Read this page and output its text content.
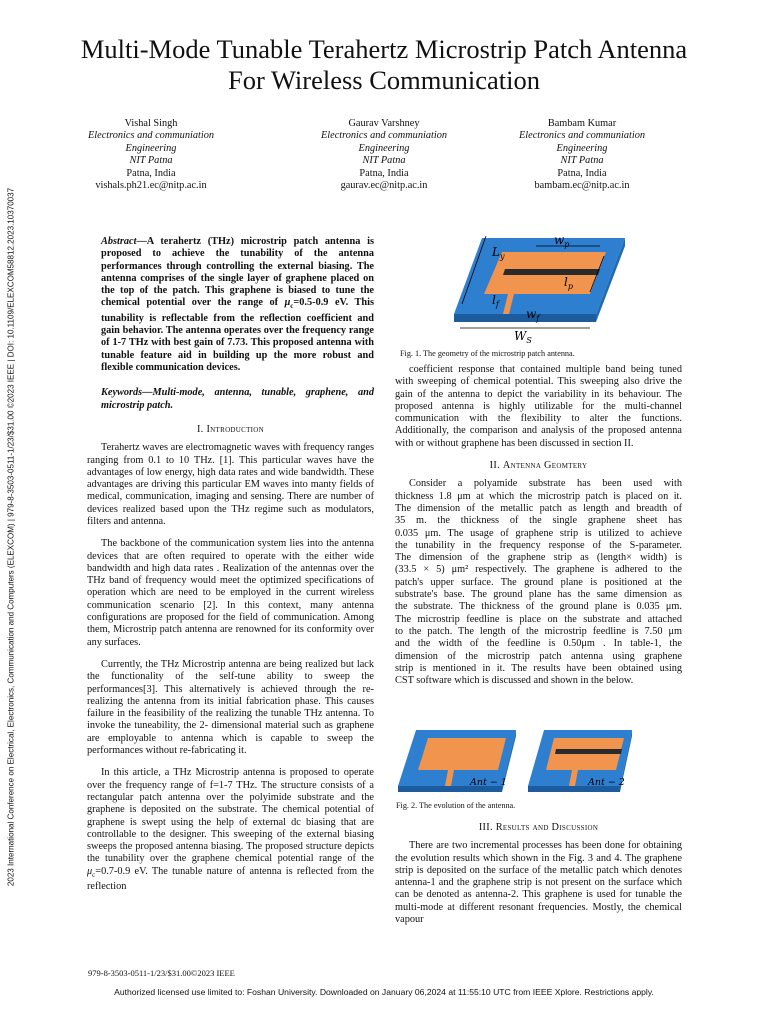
2023 International Conference on Electrical, Electronics, Communication and Computers (ELEXCOM) | 979-8-3503-0511-1/23/$31.00 ©2023 IEEE | DOI: 10.1109/ELEXCOM58812.2023.10370037
Multi-Mode Tunable Terahertz Microstrip Patch Antenna For Wireless Communication
Vishal Singh
Electronics and communiation
Engineering
NIT Patna
Patna, India
vishals.ph21.ec@nitp.ac.in
Gaurav Varshney
Electronics and communiation
Engineering
NIT Patna
Patna, India
gaurav.ec@nitp.ac.in
Bambam Kumar
Electronics and communiation
Engineering
NIT Patna
Patna, India
bambam.ec@nitp.ac.in
Abstract—A terahertz (THz) microstrip patch antenna is proposed to achieve the tunability of the antenna performances through controlling the external biasing. The antenna comprises of the single layer of graphene placed on the top of the patch. This graphene is biased to tune the chemical potential over the range of $\mu_c=0.5-0.9$ eV. This tunability is reflectable from the reflection coefficient and gain behavior. The antenna operates over the frequency range of 1-7 THz with best gain of 7.73. This proposed antenna with tunable feature aid in building up the more robust and flexible communication devices.
Keywords—Multi-mode, antenna, tunable, graphene, and microstrip patch.
I. Introduction

Terahertz waves are electromagnetic waves with frequency ranges ranging from 0.1 to 10 THz. [1]. This particular waves have the advantages of low energy, high data rates and wide bandwidth. These advantages are driving this particular EM waves into manty fields of medical, communication, imaging and sensing. There are number of devices realized based upon the THz regime such as modulators, filters and antenna.

The backbone of the communication system lies into the antenna devices that are often required to operate with the either wide bandwidth and high data rates . Realization of the antennas over the THz band of frequency would meet the optimized specifications of operation which are need to be employed in the current wireless communication scenario [2]. In this context, many antenna configurations are proposed for the field of communication. Among them, Microstrip patch antenna are renowned for its conformity over any surfaces.

Currently, the THz Microstrip antenna are being realized but lack the functionality of the self-tune ability to sweep the performances[3]. This alternatively is achieved through the re-realizing the antenna from its initial fabrication phase. This causes failure in the feasibility of the realizing the tunable THz antenna. To invoke the tuneability, the 2- dimensional material such as graphene are employable to antenna which is capable to sweep the performances without re-fabricating it.

In this article, a THz Microstrip antenna is proposed to operate over the frequency range of f=1-7 THz. The structure consists of a rectangular patch antenna over the polyimide substrate and the graphene is deposited on the substrate. The chemical potential of graphene is swept using the help of external dc biasing that are controllable to the designer. This sweeping of the external biasing sweeps the proposed antenna biasing. The proposed structure depicts the tunability over the graphene chemical potential range of the $\mu_c=0.7-0.9$ eV. The tunable nature of antenna is reflected from the reflection

$L_y$
$w_p$
$l_p$
$l_f$
$w_f$
$W_S$
Fig. 1. The geometry of the microstrip patch antenna.

coefficient response that contained multiple band being tuned with sweeping of chemical potential. This sweeping also drive the gain of the antenna to depict the variability in its behaviour. The proposed antenna is highly utilizable for the multi-channel communication with the flexibility to alter the functions. Additionally, the comparison and analysis of the proposed antenna with or without graphene has been discussed in section II.

II. Antenna Geomtery
Consider a polyamide substrate has been used with
thickness 1.8 μm at which the microstrip patch is placed on it.
The dimension of the metallic patch as length and breadth of
35 m. the thickness of the single graphene sheet has
0.035 μm. The usage of graphene strip is utilized to achieve
the tunability in the frequency response of the S-parameter.
The dimension of the graphene strip as (length× width) is
(33.5 × 5) μm² respectively. The graphene is adhered to the
patch's upper surface. The ground plane is positioned at the
substrate's base. The ground plane has the same dimension as
the substrate. The thickness of the ground plane is 0.035 μm.
The microstrip feedline is place on the substrate and attached
to the patch. The length of the microstrip feedline is 7.50 μm
and the width of the feedline is 0.50μm . In table-1, the
dimension of the microstrip patch antenna using graphene
strip is mentioned in it. The results have been obtained using
CST software which is discussed and shown in the below.
Ant − 1	Ant − 2
Fig. 2. The evolution of the antenna.
III. Results and Discussion

There are two incremental processes has been done for obtaining the evolution results which shown in the Fig. 3 and 4. The graphene strip is deposited on the surface of the metallic patch which denotes antenna-1 and the graphene strip is not present on the surface which can be denoted as antenna-2. This graphene is used for tunable the multi-mode at different resonant frequencies. Mostly, the chemical vapour

979-8-3503-0511-1/23/$31.00©2023 IEEE
Authorized licensed use limited to: Foshan University. Downloaded on January 06,2024 at 11:55:10 UTC from IEEE Xplore. Restrictions apply.
